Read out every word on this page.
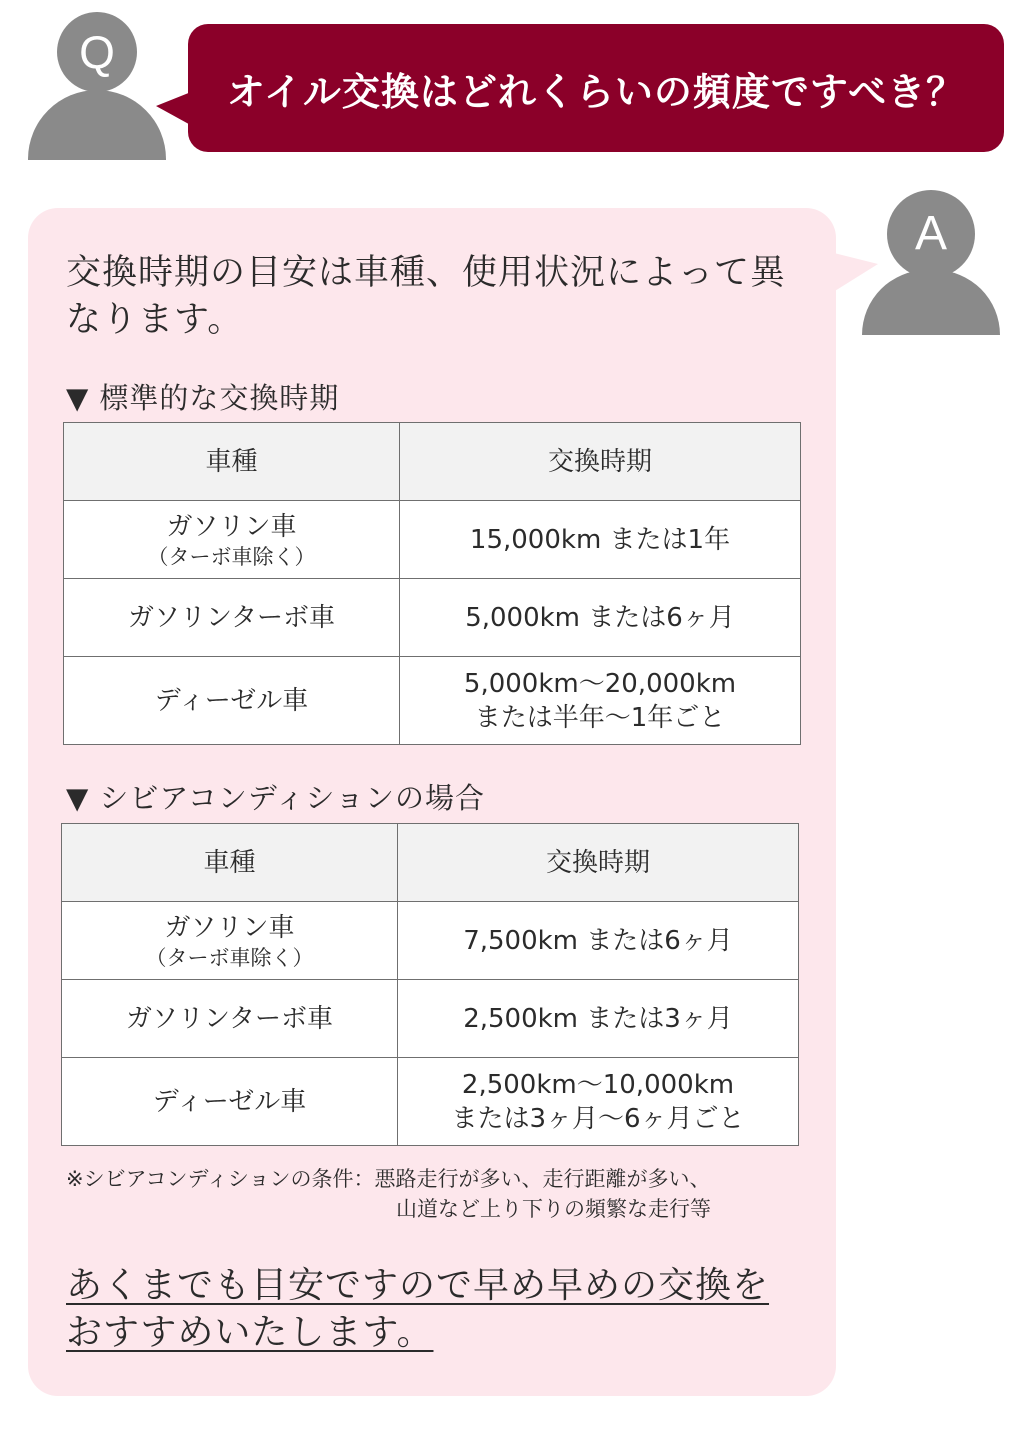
Q
オイル交換はどれくらいの頻度ですべき？
A

交換時期の目安は車種、使用状況によって異なります。

▼ 標準的な交換時期

車種	交換時期
ガソリン車
（ターボ車除く）	15,000km または1年
ガソリンターボ車	5,000km または6ヶ月
ディーゼル車	5,000km〜20,000km
または半年〜1年ごと

▼ シビアコンディションの場合

車種	交換時期
ガソリン車
（ターボ車除く）	7,500km または6ヶ月
ガソリンターボ車	2,500km または3ヶ月
ディーゼル車	2,500km〜10,000km
または3ヶ月〜6ヶ月ごと

※シビアコンディションの条件：悪路走行が多い、走行距離が多い、
山道など上り下りの頻繁な走行等

あくまでも目安ですので早め早めの交換をおすすめいたします。
